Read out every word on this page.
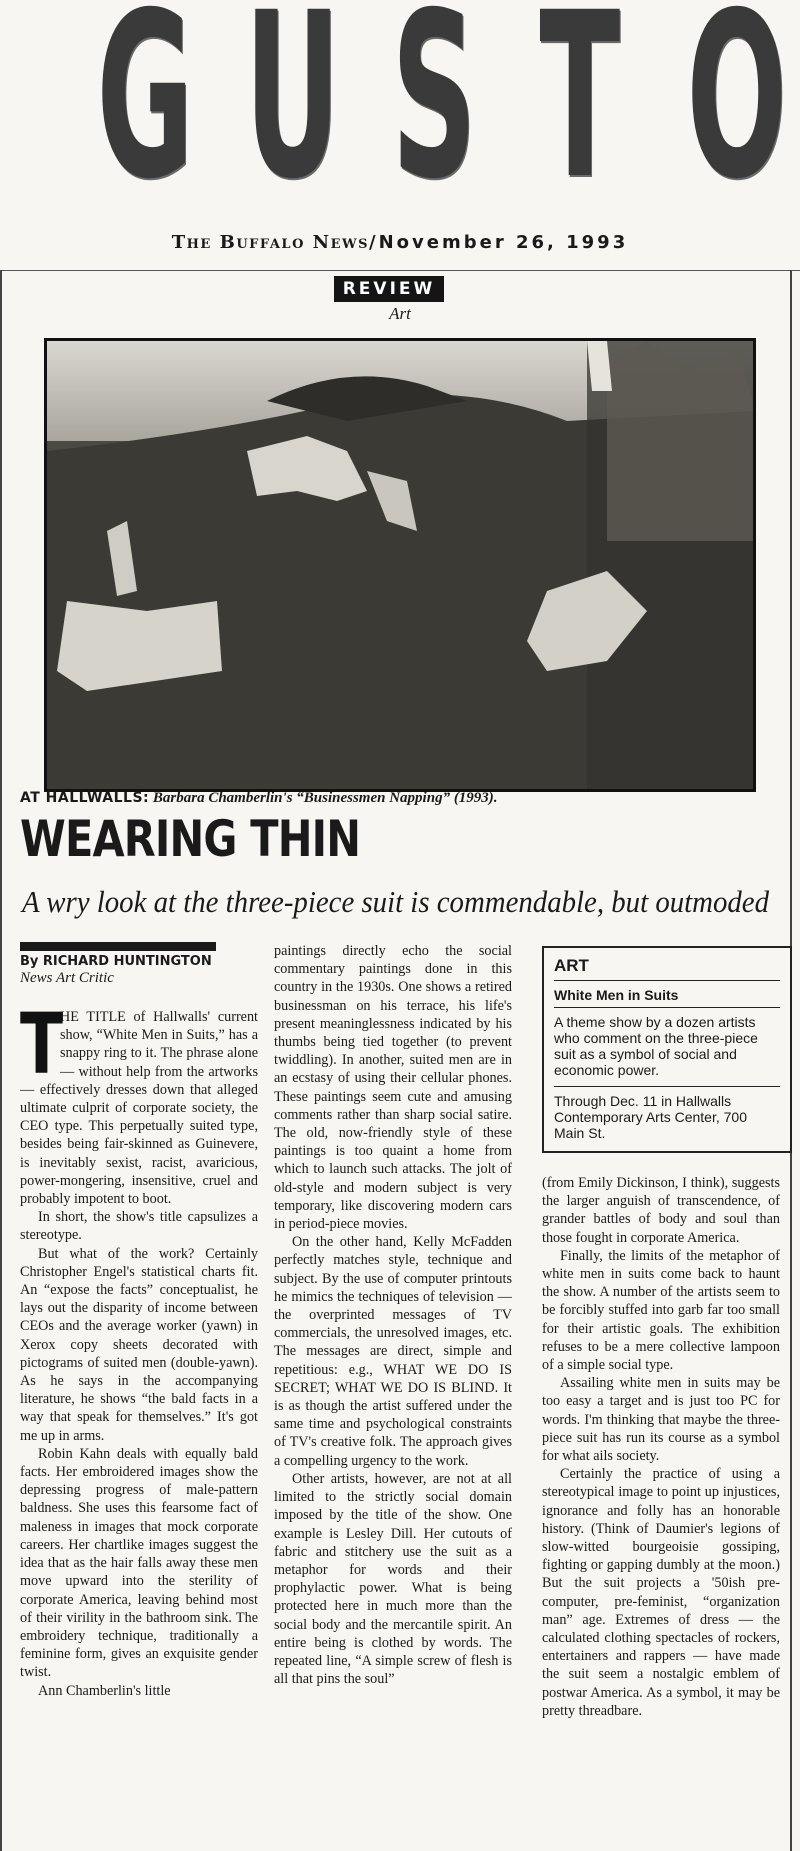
G U S T O
The Buffalo News/November 26, 1993
REVIEW
Art
AT HALLWALLS: Barbara Chamberlin's “Businessmen Napping” (1993).
WEARING THIN
A wry look at the three-piece suit is commendable, but outmoded
By RICHARD HUNTINGTON
News Art Critic

T
HE TITLE of Hallwalls' current show, “White Men in Suits,” has a snappy ring to it. The phrase alone — without help from the artworks — effectively dresses down that alleged ultimate culprit of corporate society, the CEO type. This perpetually suited type, besides being fair-skinned as Guinevere, is inevitably sexist, racist, avaricious, power-mongering, insensitive, cruel and probably impotent to boot.

In short, the show's title capsulizes a stereotype.

But what of the work? Certainly Christopher Engel's statistical charts fit. An “expose the facts” conceptualist, he lays out the disparity of income between CEOs and the average worker (yawn) in Xerox copy sheets decorated with pictograms of suited men (double-yawn). As he says in the accompanying literature, he shows “the bald facts in a way that speak for themselves.” It's got me up in arms.

Robin Kahn deals with equally bald facts. Her embroidered images show the depressing progress of male-pattern baldness. She uses this fearsome fact of maleness in images that mock corporate careers. Her chartlike images suggest the idea that as the hair falls away these men move upward into the sterility of corporate America, leaving behind most of their virility in the bathroom sink. The embroidery technique, traditionally a feminine form, gives an exquisite gender twist.

Ann Chamberlin's little

paintings directly echo the social commentary paintings done in this country in the 1930s. One shows a retired businessman on his terrace, his life's present meaninglessness indicated by his thumbs being tied together (to prevent twiddling). In another, suited men are in an ecstasy of using their cellular phones. These paintings seem cute and amusing comments rather than sharp social satire. The old, now-friendly style of these paintings is too quaint a home from which to launch such attacks. The jolt of old-style and modern subject is very temporary, like discovering modern cars in period-piece movies.

On the other hand, Kelly McFadden perfectly matches style, technique and subject. By the use of computer printouts he mimics the techniques of television — the overprinted messages of TV commercials, the unresolved images, etc. The messages are direct, simple and repetitious: e.g., WHAT WE DO IS SECRET; WHAT WE DO IS BLIND. It is as though the artist suffered under the same time and psychological constraints of TV's creative folk. The approach gives a compelling urgency to the work.

Other artists, however, are not at all limited to the strictly social domain imposed by the title of the show. One example is Lesley Dill. Her cutouts of fabric and stitchery use the suit as a metaphor for words and their prophylactic power. What is being protected here in much more than the social body and the mercantile spirit. An entire being is clothed by words. The repeated line, “A simple screw of flesh is all that pins the soul”

ART
White Men in Suits
A theme show by a dozen artists who comment on the three-piece suit as a symbol of social and economic power.
Through Dec. 11 in Hallwalls Contemporary Arts Center, 700 Main St.

(from Emily Dickinson, I think), suggests the larger anguish of transcendence, of grander battles of body and soul than those fought in corporate America.

Finally, the limits of the metaphor of white men in suits come back to haunt the show. A number of the artists seem to be forcibly stuffed into garb far too small for their artistic goals. The exhibition refuses to be a mere collective lampoon of a simple social type.

Assailing white men in suits may be too easy a target and is just too PC for words. I'm thinking that maybe the three-piece suit has run its course as a symbol for what ails society.

Certainly the practice of using a stereotypical image to point up injustices, ignorance and folly has an honorable history. (Think of Daumier's legions of slow-witted bourgeoisie gossiping, fighting or gapping dumbly at the moon.) But the suit projects a '50ish pre-computer, pre-feminist, “organization man” age. Extremes of dress — the calculated clothing spectacles of rockers, entertainers and rappers — have made the suit seem a nostalgic emblem of postwar America. As a symbol, it may be pretty threadbare.
